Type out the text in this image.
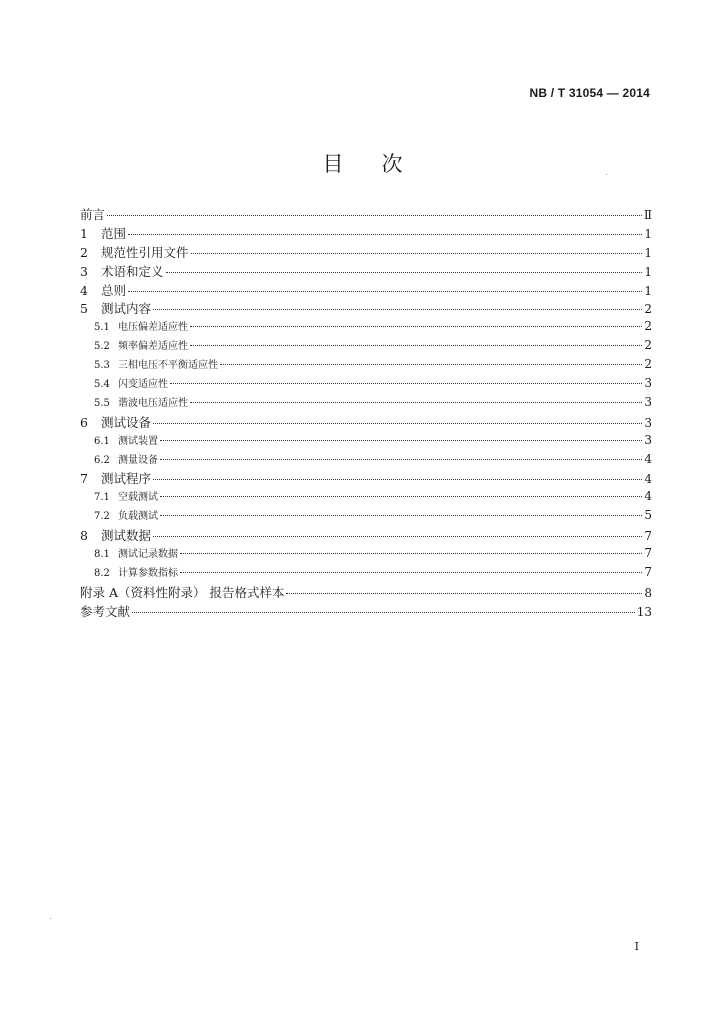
NB / T 31054 — 2014
目 次
前言	Ⅱ
1	范围	1
2	规范性引用文件	1
3	术语和定义	1
4	总则	1
5	测试内容	2
5.1 电压偏差适应性	2
5.2 频率偏差适应性	2
5.3 三相电压不平衡适应性	2
5.4 闪变适应性	3
5.5 谐波电压适应性	3
6	测试设备	3
6.1 测试装置	3
6.2 测量设备	4
7	测试程序	4
7.1 空载测试	4
7.2 负载测试	5
8	测试数据	7
8.1 测试记录数据	7
8.2 计算参数指标	7
附录 A（资料性附录） 报告格式样本	8
参考文献	13
I
